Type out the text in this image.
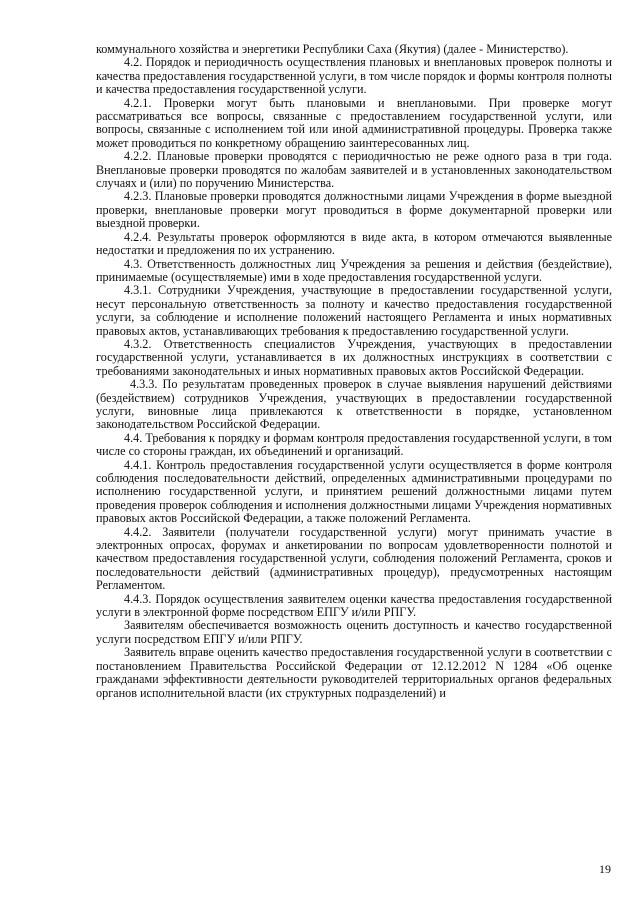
коммунального хозяйства и энергетики Республики Саха (Якутия) (далее - Министерство).

4.2. Порядок и периодичность осуществления плановых и внеплановых проверок полноты и качества предоставления государственной услуги, в том числе порядок и формы контроля полноты и качества предоставления государственной услуги.

4.2.1. Проверки могут быть плановыми и внеплановыми. При проверке могут рассматриваться все вопросы, связанные с предоставлением государственной услуги, или вопросы, связанные с исполнением той или иной административной процедуры. Проверка также может проводиться по конкретному обращению заинтересованных лиц.

4.2.2. Плановые проверки проводятся с периодичностью не реже одного раза в три года. Внеплановые проверки проводятся по жалобам заявителей и в установленных законодательством случаях и (или) по поручению Министерства.

4.2.3. Плановые проверки проводятся должностными лицами Учреждения в форме выездной проверки, внеплановые проверки могут проводиться в форме документарной проверки или выездной проверки.

4.2.4. Результаты проверок оформляются в виде акта, в котором отмечаются выявленные недостатки и предложения по их устранению.

4.3. Ответственность должностных лиц Учреждения за решения и действия (бездействие), принимаемые (осуществляемые) ими в ходе предоставления государственной услуги.

4.3.1. Сотрудники Учреждения, участвующие в предоставлении государственной услуги, несут персональную ответственность за полноту и качество предоставления государственной услуги, за соблюдение и исполнение положений настоящего Регламента и иных нормативных правовых актов, устанавливающих требования к предоставлению государственной услуги.

4.3.2. Ответственность специалистов Учреждения, участвующих в предоставлении государственной услуги, устанавливается в их должностных инструкциях в соответствии с требованиями законодательных и иных нормативных правовых актов Российской Федерации.

4.3.3. По результатам проведенных проверок в случае выявления нарушений действиями (бездействием) сотрудников Учреждения, участвующих в предоставлении государственной услуги, виновные лица привлекаются к ответственности в порядке, установленном законодательством Российской Федерации.

4.4. Требования к порядку и формам контроля предоставления государственной услуги, в том числе со стороны граждан, их объединений и организаций.

4.4.1. Контроль предоставления государственной услуги осуществляется в форме контроля соблюдения последовательности действий, определенных административными процедурами по исполнению государственной услуги, и принятием решений должностными лицами путем проведения проверок соблюдения и исполнения должностными лицами Учреждения нормативных правовых актов Российской Федерации, а также положений Регламента.

4.4.2. Заявители (получатели государственной услуги) могут принимать участие в электронных опросах, форумах и анкетировании по вопросам удовлетворенности полнотой и качеством предоставления государственной услуги, соблюдения положений Регламента, сроков и последовательности действий (административных процедур), предусмотренных настоящим Регламентом.

4.4.3. Порядок осуществления заявителем оценки качества предоставления государственной услуги в электронной форме посредством ЕПГУ и/или РПГУ.

Заявителям обеспечивается возможность оценить доступность и качество государственной услуги посредством ЕПГУ и/или РПГУ.

Заявитель вправе оценить качество предоставления государственной услуги в соответствии с постановлением Правительства Российской Федерации от 12.12.2012 N 1284 «Об оценке гражданами эффективности деятельности руководителей территориальных органов федеральных органов исполнительной власти (их структурных подразделений) и

19
